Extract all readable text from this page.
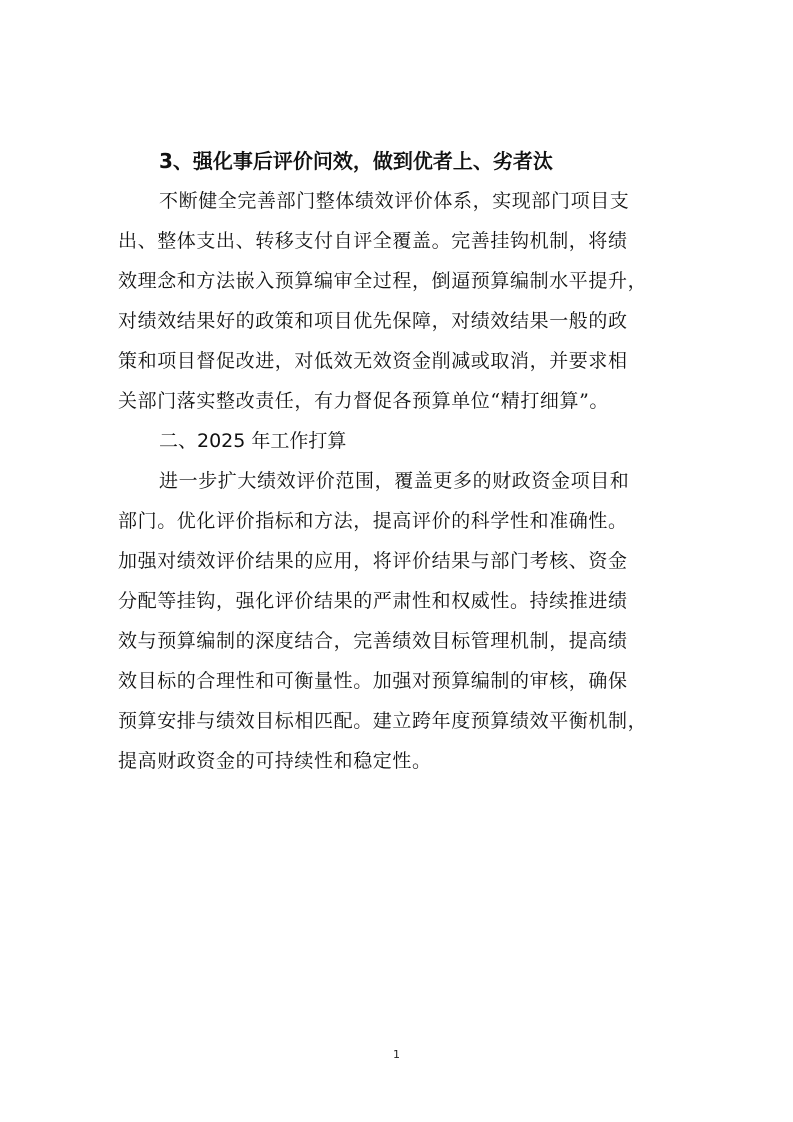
3、强化事后评价问效，做到优者上、劣者汰

不断健全完善部门整体绩效评价体系，实现部门项目支
出、整体支出、转移支付自评全覆盖。完善挂钩机制，将绩
效理念和方法嵌入预算编审全过程，倒逼预算编制水平提升，
对绩效结果好的政策和项目优先保障，对绩效结果一般的政
策和项目督促改进，对低效无效资金削减或取消，并要求相
关部门落实整改责任，有力督促各预算单位“精打细算”。

二、2025 年工作打算

进一步扩大绩效评价范围，覆盖更多的财政资金项目和
部门。优化评价指标和方法，提高评价的科学性和准确性。
加强对绩效评价结果的应用，将评价结果与部门考核、资金
分配等挂钩，强化评价结果的严肃性和权威性。持续推进绩
效与预算编制的深度结合，完善绩效目标管理机制，提高绩
效目标的合理性和可衡量性。加强对预算编制的审核，确保
预算安排与绩效目标相匹配。建立跨年度预算绩效平衡机制，
提高财政资金的可持续性和稳定性。

1
